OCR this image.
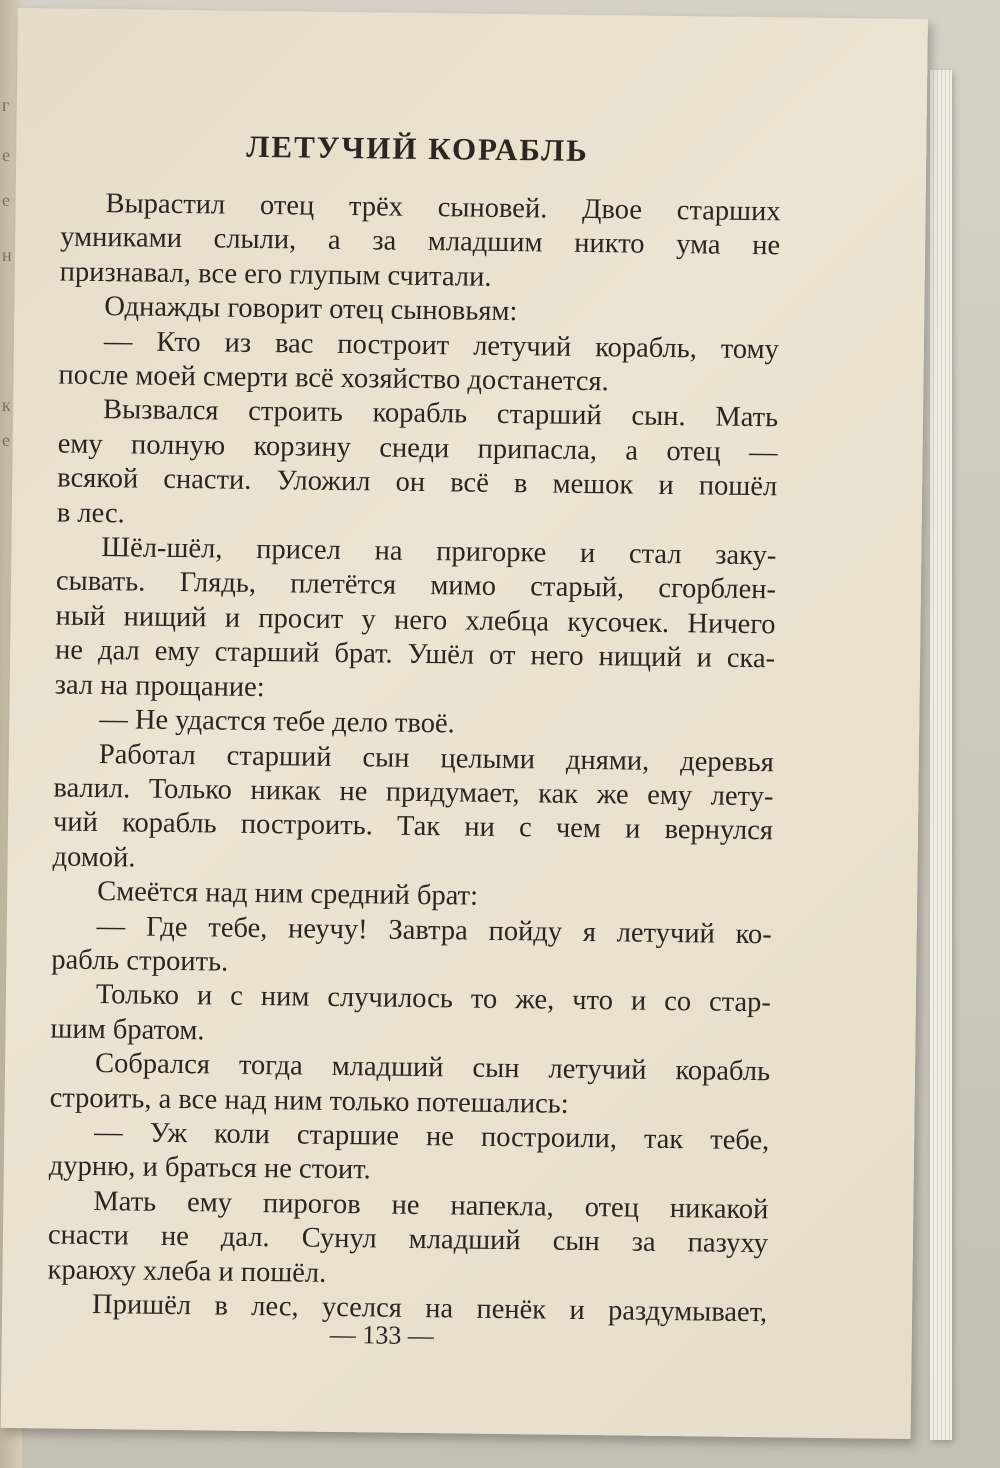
г
е
е
н
к
е
ЛЕТУЧИЙ КОРАБЛЬ
Вырастил отец трёх сыновей. Двое старших
умниками слыли, а за младшим никто ума не
признавал, все его глупым считали.
Однажды говорит отец сыновьям:
— Кто из вас построит летучий корабль, тому
после моей смерти всё хозяйство достанется.
Вызвался строить корабль старший сын. Мать
ему полную корзину снеди припасла, а отец —
всякой снасти. Уложил он всё в мешок и пошёл
в лес.
Шёл-шёл, присел на пригорке и стал заку-
сывать. Глядь, плетётся мимо старый, сгорблен-
ный нищий и просит у него хлебца кусочек. Ничего
не дал ему старший брат. Ушёл от него нищий и ска-
зал на прощание:
— Не удастся тебе дело твоё.
Работал старший сын целыми днями, деревья
валил. Только никак не придумает, как же ему лету-
чий корабль построить. Так ни с чем и вернулся
домой.
Смеётся над ним средний брат:
— Где тебе, неучу! Завтра пойду я летучий ко-
рабль строить.
Только и с ним случилось то же, что и со стар-
шим братом.
Собрался тогда младший сын летучий корабль
строить, а все над ним только потешались:
— Уж коли старшие не построили, так тебе,
дурню, и браться не стоит.
Мать ему пирогов не напекла, отец никакой
снасти не дал. Сунул младший сын за пазуху
краюху хлеба и пошёл.
Пришёл в лес, уселся на пенёк и раздумывает,
— 133 —
